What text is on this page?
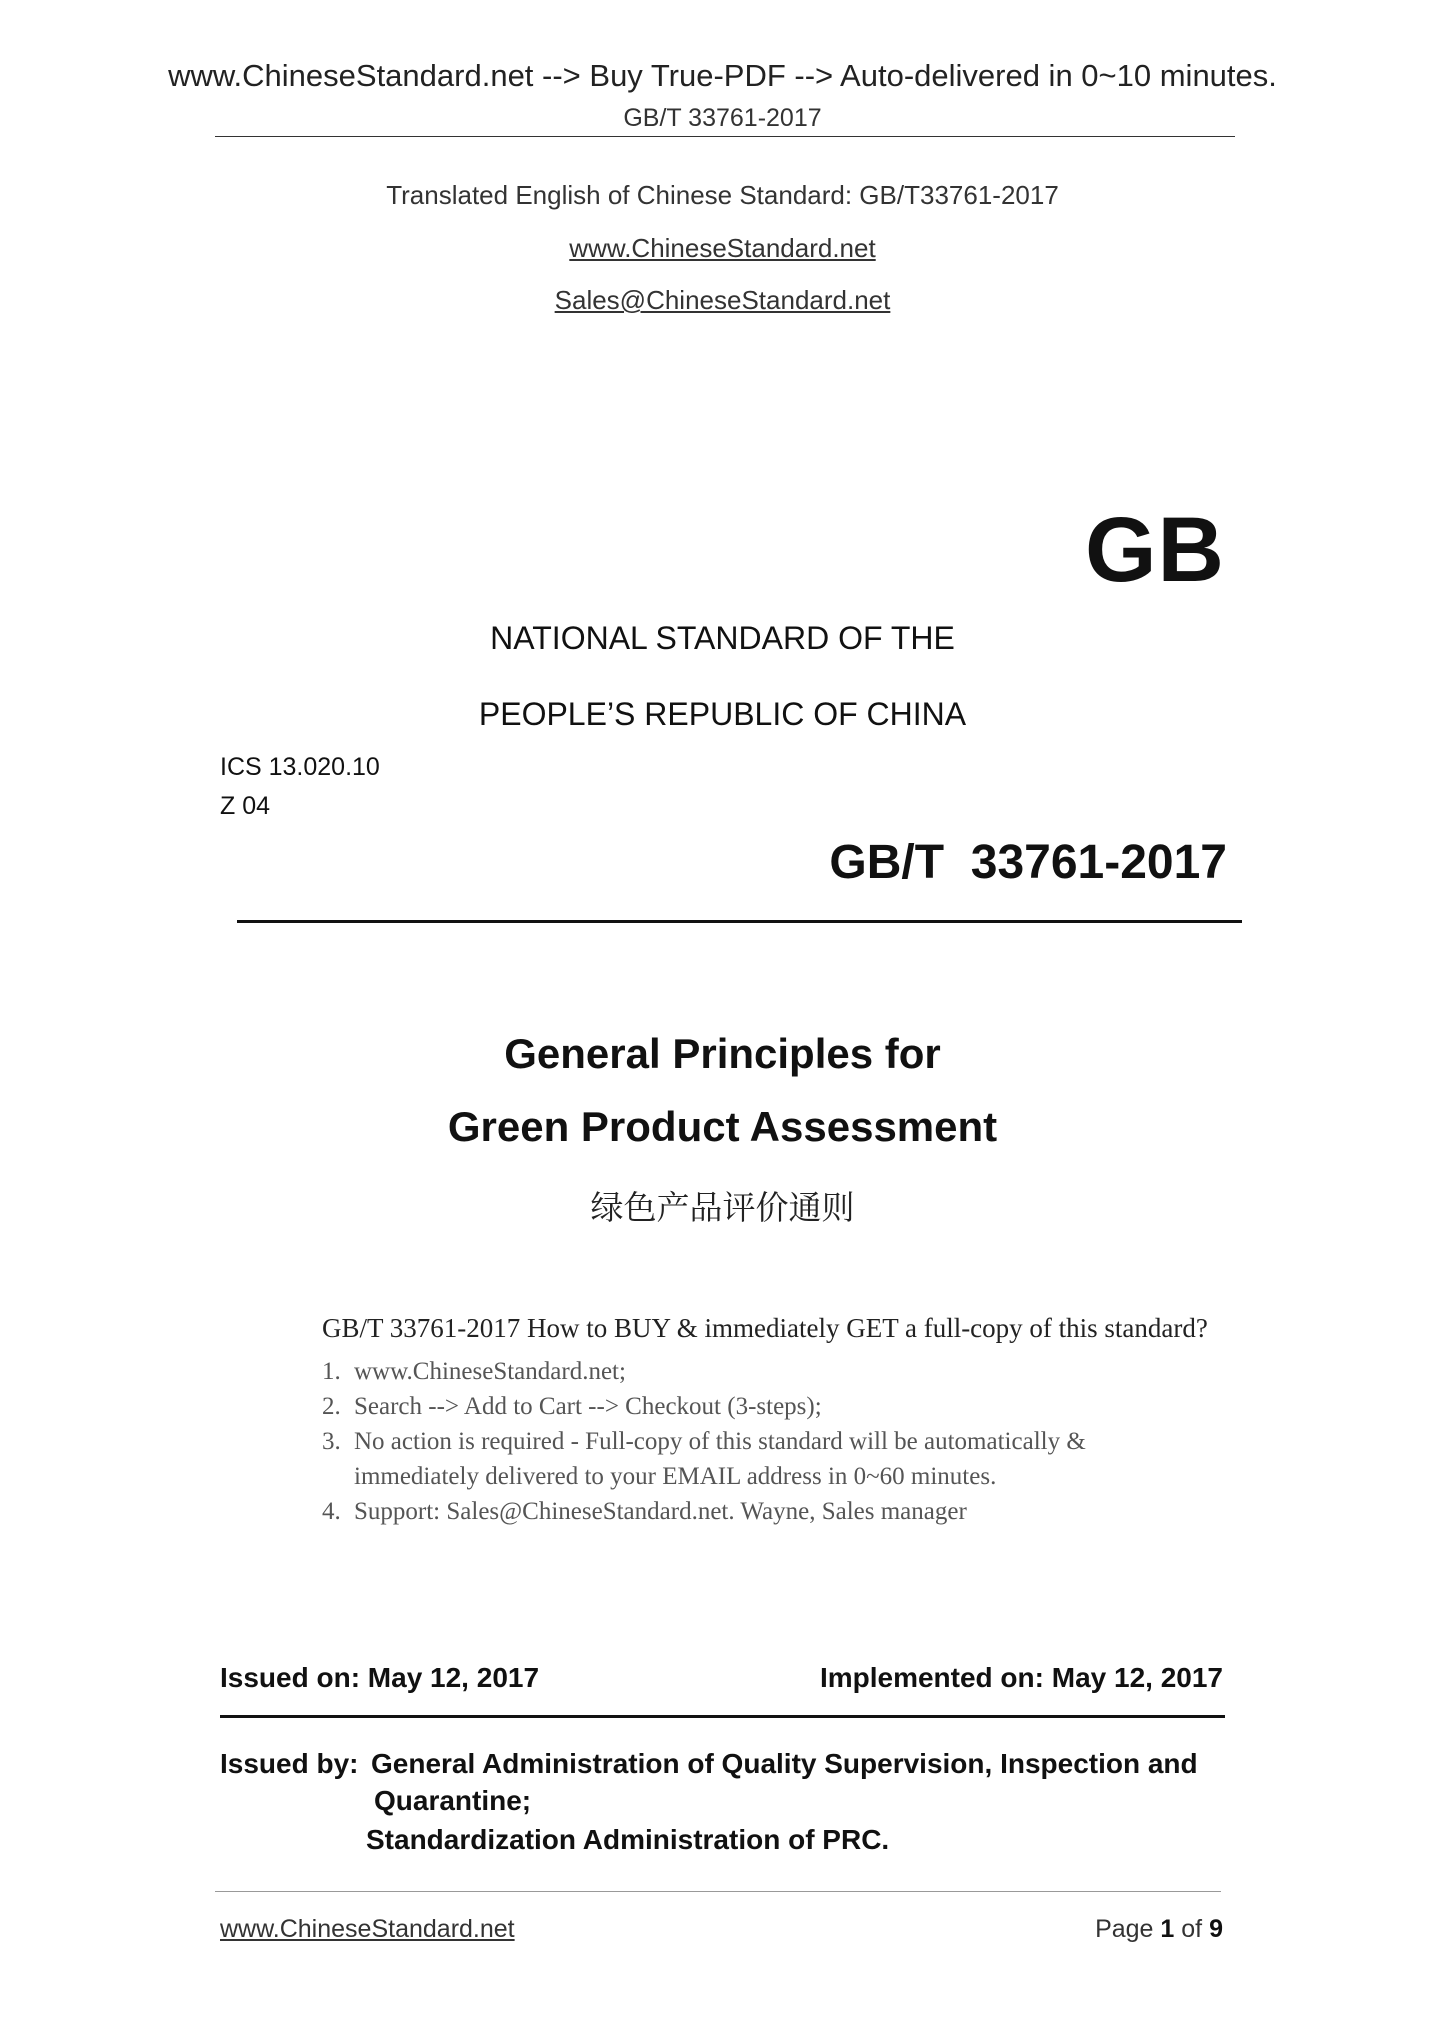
www.ChineseStandard.net --> Buy True-PDF --> Auto-delivered in 0~10 minutes.
GB/T 33761-2017
Translated English of Chinese Standard: GB/T33761-2017
www.ChineseStandard.net
Sales@ChineseStandard.net
GB
NATIONAL STANDARD OF THE
PEOPLE’S REPUBLIC OF CHINA
ICS 13.020.10
Z 04
GB/T  33761-2017
General Principles for
Green Product Assessment
绿色产品评价通则
GB/T 33761-2017 How to BUY & immediately GET a full-copy of this standard?
1. www.ChineseStandard.net;
2. Search --> Add to Cart --> Checkout (3-steps);
3. No action is required - Full-copy of this standard will be automatically &
immediately delivered to your EMAIL address in 0~60 minutes.
4. Support: Sales@ChineseStandard.net. Wayne, Sales manager
Issued on: May 12, 2017	Implemented on: May 12, 2017
Issued by: General Administration of Quality Supervision, Inspection and
Quarantine;
Standardization Administration of PRC.
www.ChineseStandard.net	Page 1 of 9
